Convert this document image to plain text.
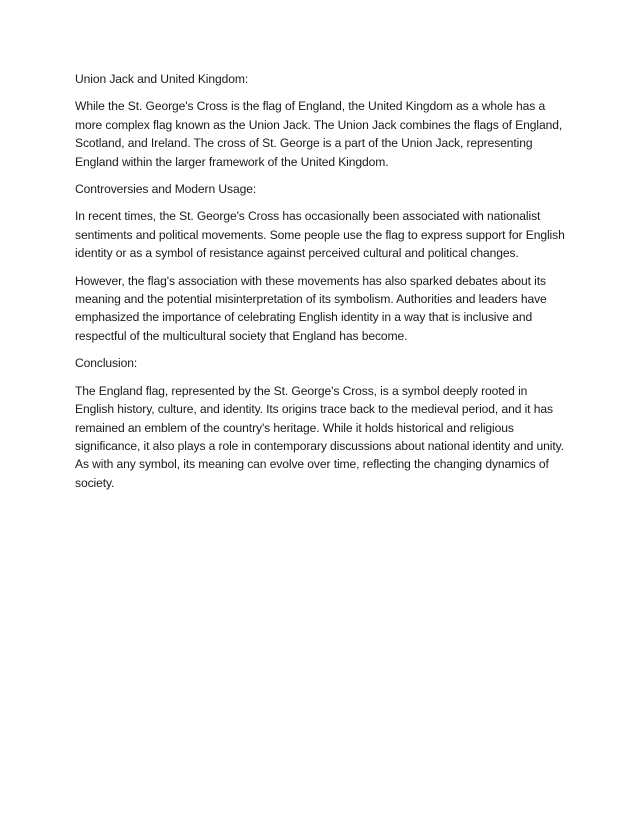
Union Jack and United Kingdom:

While the St. George's Cross is the flag of England, the United Kingdom as a whole has a more complex flag known as the Union Jack. The Union Jack combines the flags of England, Scotland, and Ireland. The cross of St. George is a part of the Union Jack, representing England within the larger framework of the United Kingdom.

Controversies and Modern Usage:

In recent times, the St. George's Cross has occasionally been associated with nationalist sentiments and political movements. Some people use the flag to express support for English identity or as a symbol of resistance against perceived cultural and political changes.

However, the flag's association with these movements has also sparked debates about its meaning and the potential misinterpretation of its symbolism. Authorities and leaders have emphasized the importance of celebrating English identity in a way that is inclusive and respectful of the multicultural society that England has become.

Conclusion:

The England flag, represented by the St. George's Cross, is a symbol deeply rooted in English history, culture, and identity. Its origins trace back to the medieval period, and it has remained an emblem of the country's heritage. While it holds historical and religious significance, it also plays a role in contemporary discussions about national identity and unity. As with any symbol, its meaning can evolve over time, reflecting the changing dynamics of society.
